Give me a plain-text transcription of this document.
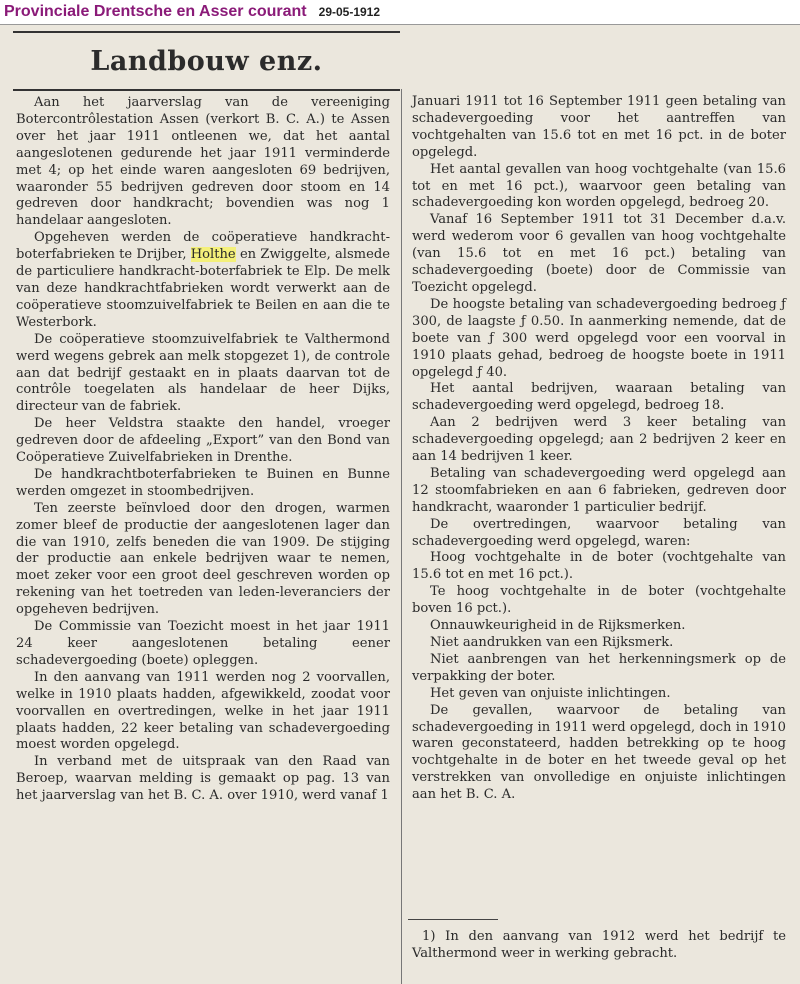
Provinciale Drentsche en Asser courant 29-05-1912
Landbouw enz.

Aan het jaarverslag van de vereeniging Botercontrôlestation Assen (verkort B. C. A.) te Assen over het jaar 1911 ontleenen we, dat het aantal aangeslotenen gedurende het jaar 1911 verminderde met 4; op het einde waren aangesloten 69 bedrijven, waaronder 55 bedrijven gedreven door stoom en 14 gedreven door handkracht; bovendien was nog 1 handelaar aangesloten.

Opgeheven werden de coöperatieve handkracht-boterfabrieken te Drijber, Holthe en Zwiggelte, alsmede de particuliere handkracht-boterfabriek te Elp. De melk van deze handkrachtfabrieken wordt verwerkt aan de coöperatieve stoomzuivelfabriek te Beilen en aan die te Westerbork.

De coöperatieve stoomzuivelfabriek te Valthermond werd wegens gebrek aan melk stopgezet 1), de controle aan dat bedrijf gestaakt en in plaats daarvan tot de contrôle toegelaten als handelaar de heer Dijks, directeur van de fabriek.

De heer Veldstra staakte den handel, vroeger gedreven door de afdeeling „Export” van den Bond van Coöperatieve Zuivelfabrieken in Drenthe.

De handkrachtboterfabrieken te Buinen en Bunne werden omgezet in stoombedrijven.

Ten zeerste beïnvloed door den drogen, warmen zomer bleef de productie der aangeslotenen lager dan die van 1910, zelfs beneden die van 1909. De stijging der productie aan enkele bedrijven waar te nemen, moet zeker voor een groot deel geschreven worden op rekening van het toetreden van leden-leveranciers der opgeheven bedrijven.

De Commissie van Toezicht moest in het jaar 1911 24 keer aangeslotenen betaling eener schadevergoeding (boete) opleggen.

In den aanvang van 1911 werden nog 2 voorvallen, welke in 1910 plaats hadden, afgewikkeld, zoodat voor voorvallen en overtredingen, welke in het jaar 1911 plaats hadden, 22 keer betaling van schadevergoeding moest worden opgelegd.

In verband met de uitspraak van den Raad van Beroep, waarvan melding is gemaakt op pag. 13 van het jaarverslag van het B. C. A. over 1910, werd vanaf 1

Januari 1911 tot 16 September 1911 geen betaling van schadevergoeding voor het aantreffen van vochtgehalten van 15.6 tot en met 16 pct. in de boter opgelegd.

Het aantal gevallen van hoog vochtgehalte (van 15.6 tot en met 16 pct.), waarvoor geen betaling van schadevergoeding kon worden opgelegd, bedroeg 20.

Vanaf 16 September 1911 tot 31 December d.a.v. werd wederom voor 6 gevallen van hoog vochtgehalte (van 15.6 tot en met 16 pct.) betaling van schadevergoeding (boete) door de Commissie van Toezicht opgelegd.

De hoogste betaling van schadevergoeding bedroeg ƒ 300, de laagste ƒ 0.50. In aanmerking nemende, dat de boete van ƒ 300 werd opgelegd voor een voorval in 1910 plaats gehad, bedroeg de hoogste boete in 1911 opgelegd ƒ 40.

Het aantal bedrijven, waaraan betaling van schadevergoeding werd opgelegd, bedroeg 18.

Aan 2 bedrijven werd 3 keer betaling van schadevergoeding opgelegd; aan 2 bedrijven 2 keer en aan 14 bedrijven 1 keer.

Betaling van schadevergoeding werd opgelegd aan 12 stoomfabrieken en aan 6 fabrieken, gedreven door handkracht, waaronder 1 particulier bedrijf.

De overtredingen, waarvoor betaling van schadevergoeding werd opgelegd, waren:

Hoog vochtgehalte in de boter (vochtgehalte van 15.6 tot en met 16 pct.).

Te hoog vochtgehalte in de boter (vochtgehalte boven 16 pct.).

Onnauwkeurigheid in de Rijksmerken.

Niet aandrukken van een Rijksmerk.

Niet aanbrengen van het herkenningsmerk op de verpakking der boter.

Het geven van onjuiste inlichtingen.

De gevallen, waarvoor de betaling van schadevergoeding in 1911 werd opgelegd, doch in 1910 waren geconstateerd, hadden betrekking op te hoog vochtgehalte in de boter en het tweede geval op het verstrekken van onvolledige en onjuiste inlichtingen aan het B. C. A.

1) In den aanvang van 1912 werd het bedrijf te Valthermond weer in werking gebracht.
